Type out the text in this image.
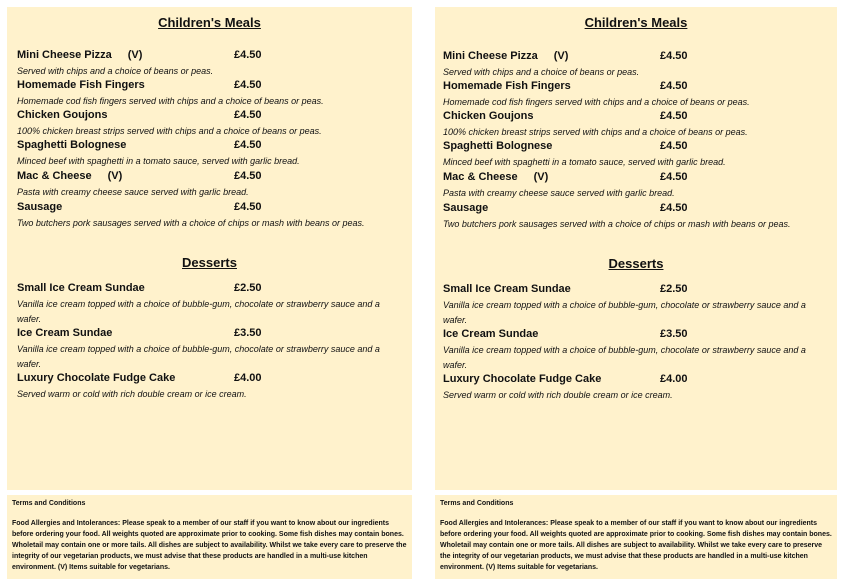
Children's Meals
Mini Cheese Pizza (V)	£4.50
Served with chips and a choice of beans or peas.
Homemade Fish Fingers	£4.50
Homemade cod fish fingers served with chips and a choice of beans or peas.
Chicken Goujons	£4.50
100% chicken breast strips served with chips and a choice of beans or peas.
Spaghetti Bolognese	£4.50
Minced beef with spaghetti in a tomato sauce, served with garlic bread.
Mac & Cheese (V)	£4.50
Pasta with creamy cheese sauce served with garlic bread.
Sausage	£4.50
Two butchers pork sausages served with a choice of chips or mash with beans or peas.
Desserts
Small Ice Cream Sundae	£2.50
Vanilla ice cream topped with a choice of bubble-gum, chocolate or strawberry sauce and a wafer.
Ice Cream Sundae	£3.50
Vanilla ice cream topped with a choice of bubble-gum, chocolate or strawberry sauce and a wafer.
Luxury Chocolate Fudge Cake	£4.00
Served warm or cold with rich double cream or ice cream.
Children's Meals
Mini Cheese Pizza (V)	£4.50
Served with chips and a choice of beans or peas.
Homemade Fish Fingers	£4.50
Homemade cod fish fingers served with chips and a choice of beans or peas.
Chicken Goujons	£4.50
100% chicken breast strips served with chips and a choice of beans or peas.
Spaghetti Bolognese	£4.50
Minced beef with spaghetti in a tomato sauce, served with garlic bread.
Mac & Cheese (V)	£4.50
Pasta with creamy cheese sauce served with garlic bread.
Sausage	£4.50
Two butchers pork sausages served with a choice of chips or mash with beans or peas.
Desserts
Small Ice Cream Sundae	£2.50
Vanilla ice cream topped with a choice of bubble-gum, chocolate or strawberry sauce and a wafer.
Ice Cream Sundae	£3.50
Vanilla ice cream topped with a choice of bubble-gum, chocolate or strawberry sauce and a wafer.
Luxury Chocolate Fudge Cake	£4.00
Served warm or cold with rich double cream or ice cream.
Terms and Conditions
Food Allergies and Intolerances: Please speak to a member of our staff if you want to know about our ingredients before ordering your food. All weights quoted are approximate prior to cooking. Some fish dishes may contain bones. Wholetail may contain one or more tails. All dishes are subject to availability. Whilst we take every care to preserve the integrity of our vegetarian products, we must advise that these products are handled in a multi-use kitchen environment. (V) Items suitable for vegetarians.
Terms and Conditions
Food Allergies and Intolerances: Please speak to a member of our staff if you want to know about our ingredients before ordering your food. All weights quoted are approximate prior to cooking. Some fish dishes may contain bones. Wholetail may contain one or more tails. All dishes are subject to availability. Whilst we take every care to preserve the integrity of our vegetarian products, we must advise that these products are handled in a multi-use kitchen environment. (V) Items suitable for vegetarians.
